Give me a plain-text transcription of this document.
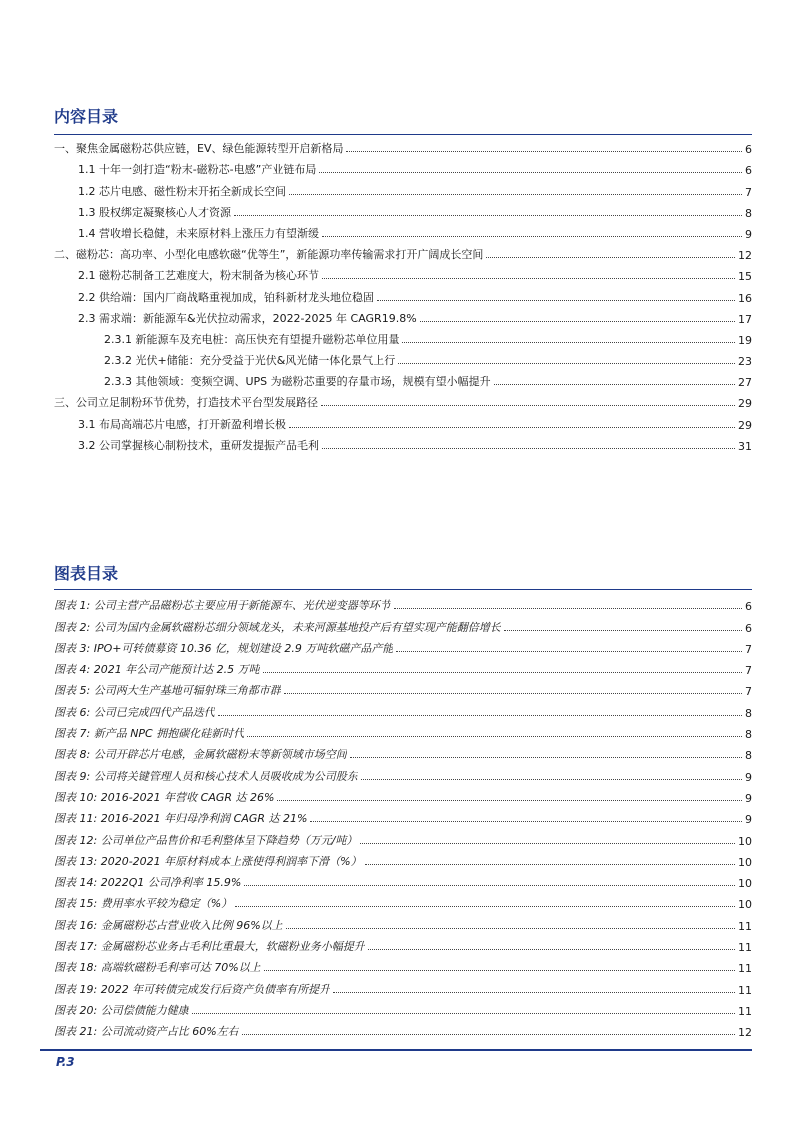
内容目录
一、聚焦金属磁粉芯供应链，EV、绿色能源转型开启新格局	6
1.1 十年一剑打造“粉末-磁粉芯-电感”产业链布局	6
1.2 芯片电感、磁性粉末开拓全新成长空间	7
1.3 股权绑定凝聚核心人才资源	8
1.4 营收增长稳健，未来原材料上涨压力有望渐缓	9
二、磁粉芯：高功率、小型化电感软磁“优等生”，新能源功率传输需求打开广阔成长空间	12
2.1 磁粉芯制备工艺难度大，粉末制备为核心环节	15
2.2 供给端：国内厂商战略重视加成，铂科新材龙头地位稳固	16
2.3 需求端：新能源车&光伏拉动需求，2022-2025 年 CAGR19.8%	17
2.3.1 新能源车及充电桩：高压快充有望提升磁粉芯单位用量	19
2.3.2 光伏+储能：充分受益于光伏&风光储一体化景气上行	23
2.3.3 其他领域：变频空调、UPS 为磁粉芯重要的存量市场，规模有望小幅提升	27
三、公司立足制粉环节优势，打造技术平台型发展路径	29
3.1 布局高端芯片电感，打开新盈利增长极	29
3.2 公司掌握核心制粉技术，重研发提振产品毛利	31
图表目录
图表 1: 公司主营产品磁粉芯主要应用于新能源车、光伏逆变器等环节	6
图表 2: 公司为国内金属软磁粉芯细分领域龙头，未来河源基地投产后有望实现产能翻倍增长	6
图表 3: IPO+可转债募资 10.36 亿，规划建设 2.9 万吨软磁产品产能	7
图表 4: 2021 年公司产能预计达 2.5 万吨	7
图表 5: 公司两大生产基地可辐射珠三角都市群	7
图表 6: 公司已完成四代产品迭代	8
图表 7: 新产品 NPC 拥抱碳化硅新时代	8
图表 8: 公司开辟芯片电感，金属软磁粉末等新领域市场空间	8
图表 9: 公司将关键管理人员和核心技术人员吸收成为公司股东	9
图表 10: 2016-2021 年营收 CAGR 达 26%	9
图表 11: 2016-2021 年归母净利润 CAGR 达 21%	9
图表 12: 公司单位产品售价和毛利整体呈下降趋势（万元/吨）	10
图表 13: 2020-2021 年原材料成本上涨使得利润率下滑（%）	10
图表 14: 2022Q1 公司净利率 15.9%	10
图表 15: 费用率水平较为稳定（%）	10
图表 16: 金属磁粉芯占营业收入比例 96%以上	11
图表 17: 金属磁粉芯业务占毛利比重最大，软磁粉业务小幅提升	11
图表 18: 高端软磁粉毛利率可达 70%以上	11
图表 19: 2022 年可转债完成发行后资产负债率有所提升	11
图表 20: 公司偿债能力健康	11
图表 21: 公司流动资产占比 60%左右	12
P.3
